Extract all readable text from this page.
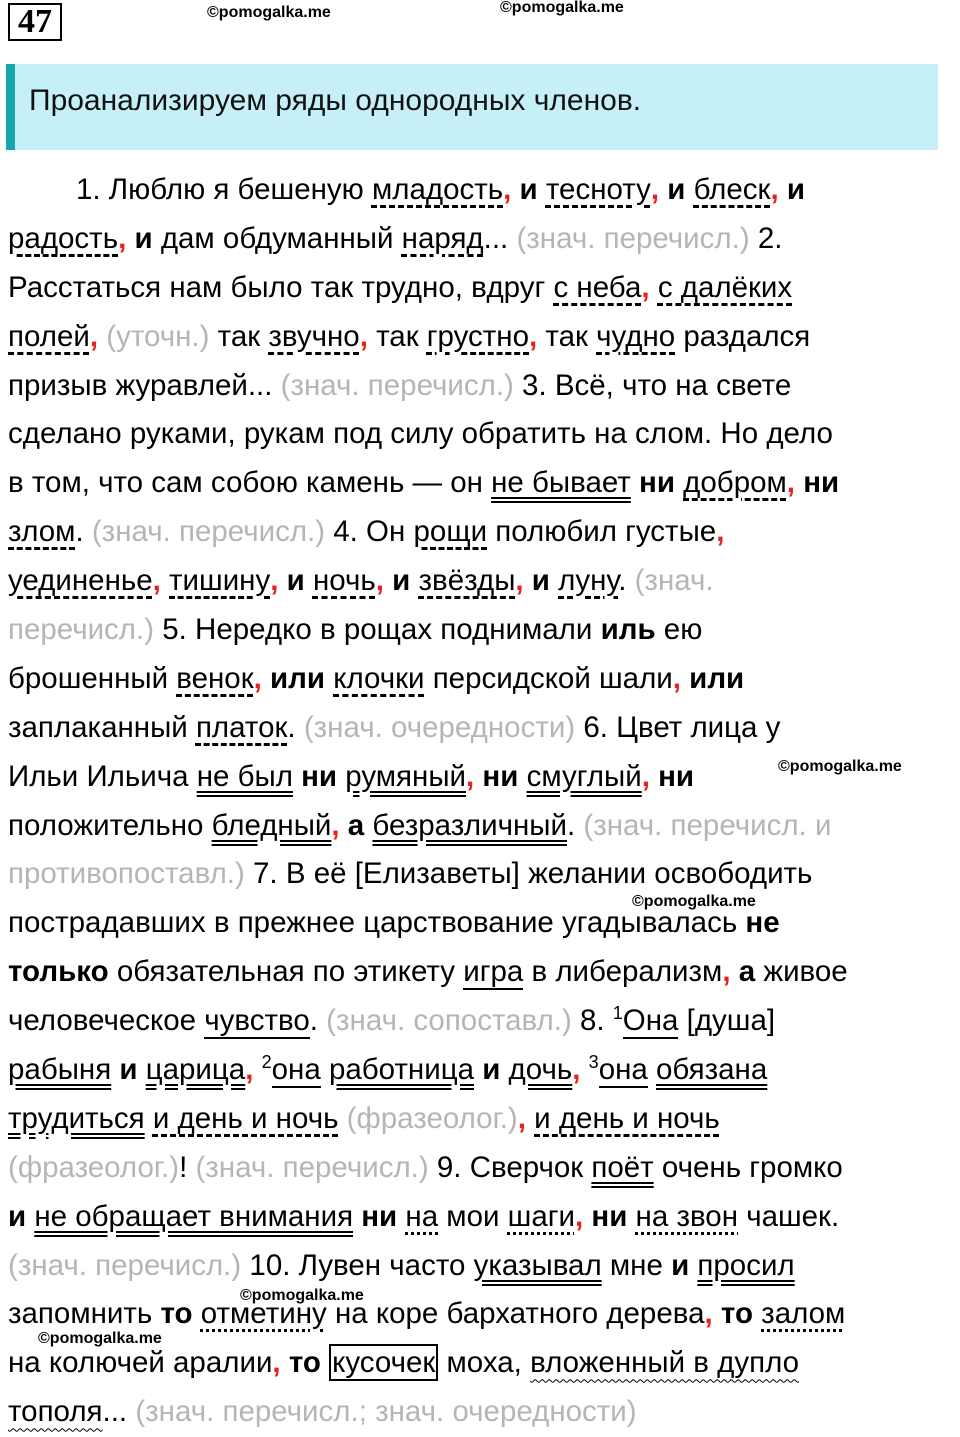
47	©pomogalka.me	©pomogalka.me
©pomogalka.me
©pomogalka.me
©pomogalka.me
©pomogalka.me
Проанализируем ряды однородных членов.
1. Люблю я бешеную младость, и тесноту, и блеск, и
радость, и дам обдуманный наряд... (знач. перечисл.) 2.
Расстаться нам было так трудно, вдруг с неба, с далёких
полей, (уточн.) так звучно, так грустно, так чудно раздался
призыв журавлей... (знач. перечисл.) 3. Всё, что на свете
сделано руками, рукам под силу обратить на слом. Но дело
в том, что сам собою камень — он не бывает ни добром, ни
злом. (знач. перечисл.) 4. Он рощи полюбил густые,
уединенье, тишину, и ночь, и звёзды, и луну. (знач.
перечисл.) 5. Нередко в рощах поднимали иль ею
брошенный венок, или клочки персидской шали, или
заплаканный платок. (знач. очередности) 6. Цвет лица у
Ильи Ильича не был ни румяный, ни смуглый, ни
положительно бледный, а безразличный. (знач. перечисл. и
противопоставл.) 7. В её [Елизаветы] желании освободить
пострадавших в прежнее царствование угадывалась не
только обязательная по этикету игра в либерализм, а живое
человеческое чувство. (знач. сопоставл.) 8. $^1$Она [душа]
рабыня и царица, $^2$она работница и дочь, $^3$она обязана
трудиться и день и ночь (фразеолог.), и день и ночь
(фразеолог.)! (знач. перечисл.) 9. Сверчок поёт очень громко
и не обращает внимания ни на мои шаги, ни на звон чашек.
(знач. перечисл.) 10. Лувен часто указывал мне и просил
запомнить то отметину на коре бархатного дерева, то залом
на колючей аралии, то кусочек моха, вложенный в дупло
тополя... (знач. перечисл.; знач. очередности)
